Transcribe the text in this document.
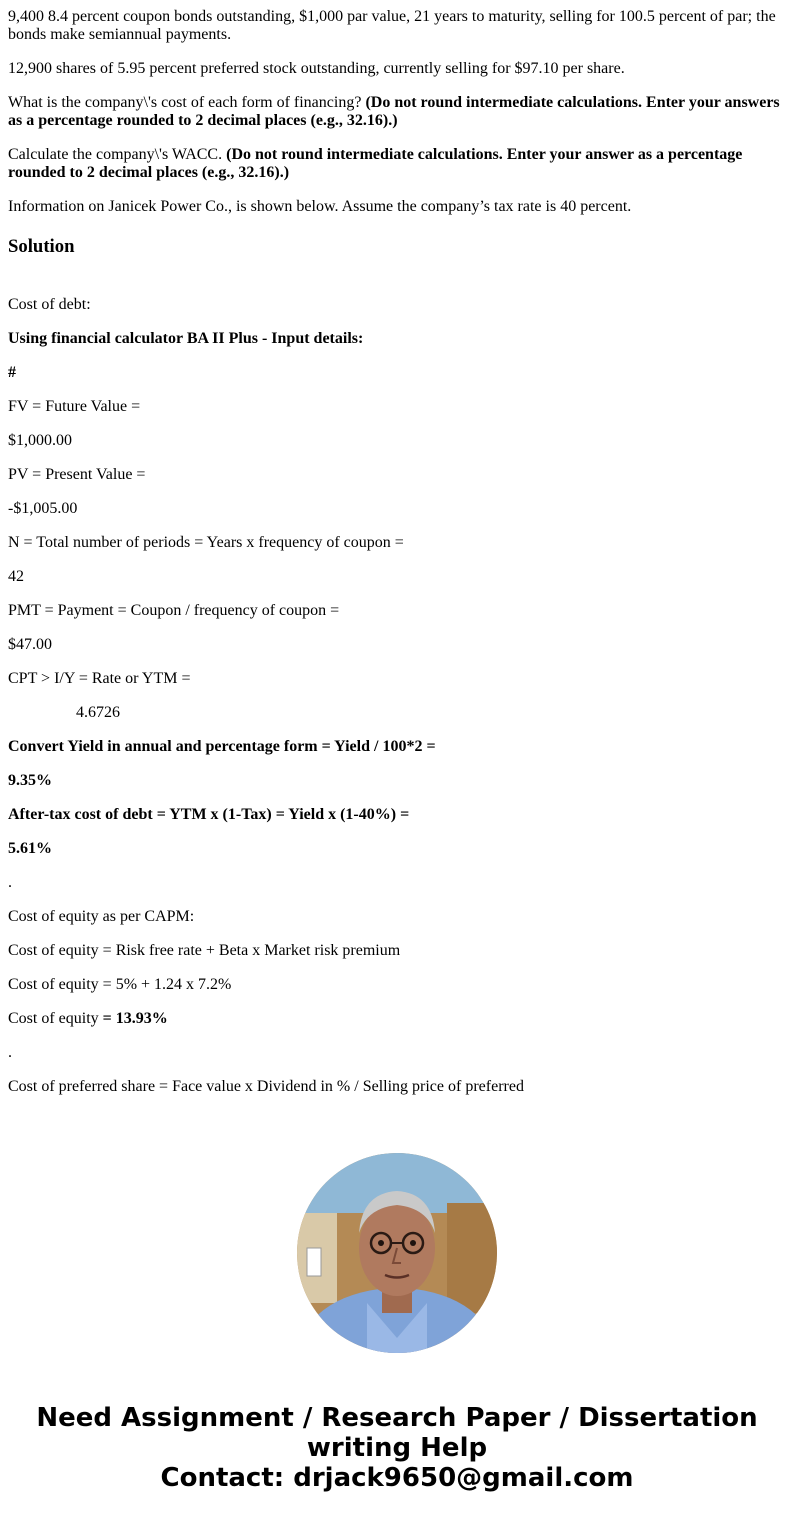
9,400 8.4 percent coupon bonds outstanding, $1,000 par value, 21 years to maturity, selling for 100.5 percent of par; the bonds make semiannual payments.

12,900 shares of 5.95 percent preferred stock outstanding, currently selling for $97.10 per share.

What is the company\'s cost of each form of financing? (Do not round intermediate calculations. Enter your answers as a percentage rounded to 2 decimal places (e.g., 32.16).)

Calculate the company\'s WACC. (Do not round intermediate calculations. Enter your answer as a percentage rounded to 2 decimal places (e.g., 32.16).)

Information on Janicek Power Co., is shown below. Assume the company’s tax rate is 40 percent.

Solution

Cost of debt:

Using financial calculator BA II Plus - Input details:

#

FV = Future Value =

$1,000.00

PV = Present Value =

-$1,005.00

N = Total number of periods = Years x frequency of coupon =

42

PMT = Payment = Coupon / frequency of coupon =

$47.00

CPT > I/Y = Rate or YTM =

4.6726

Convert Yield in annual and percentage form = Yield / 100*2 =

9.35%

After-tax cost of debt = YTM x (1-Tax) = Yield x (1-40%) =

5.61%

.

Cost of equity as per CAPM:

Cost of equity = Risk free rate + Beta x Market risk premium

Cost of equity = 5% + 1.24 x 7.2%

Cost of equity = 13.93%

.

Cost of preferred share = Face value x Dividend in % / Selling price of preferred

Need Assignment / Research Paper / Dissertation
writing Help
Contact: drjack9650@gmail.com
